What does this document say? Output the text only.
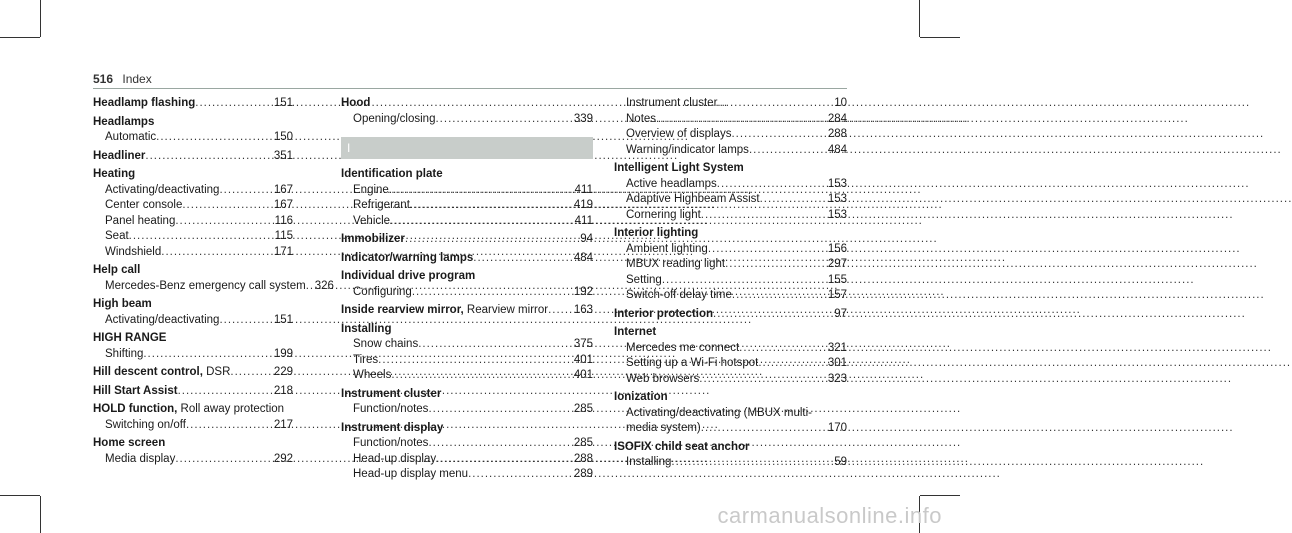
516 Index
Headlamp flashing .....	151
Headlamps
Automatic .....	150
Headliner .....	351
Heating
Activating/deactivating .....	167
Center console .....	167
Panel heating .....	116
Seat .....	115
Windshield .....	171
Help call
Mercedes-Benz emergency call system ..... 326
High beam
Activating/deactivating .....	151
HIGH RANGE
Shifting .....	199
Hill descent control, DSR .....	229
Hill Start Assist .....	218
HOLD function, Roll away protection
Switching on/off .....	217
Home screen
Media display .....	292
Hood
Opening/closing .....	339
I
Identification plate
Engine .....	411
Refrigerant .....	419
Vehicle .....	411
Immobilizer .....	94
Indicator/warning lamps .....	484
Individual drive program
Configuring .....	192
Inside rearview mirror, Rearview mirror ..... 163
Installing
Snow chains .....	375
Tires .....	401
Wheels .....	401
Instrument cluster
Function/notes .....	285
Instrument display
Function/notes .....	285
Head-up display .....	288
Head-up display menu .....	289
Instrument cluster .....	10
Notes .....	284
Overview of displays .....	288
Warning/indicator lamps .....	484
Intelligent Light System
Active headlamps .....	153
Adaptive Highbeam Assist .....	153
Cornering light .....	153
Interior lighting
Ambient lighting .....	156
MBUX reading light .....	297
Setting .....	155
Switch-off delay time .....	157
Interior protection .....	97
Internet
Mercedes me connect .....	321
Setting up a Wi-Fi hotspot .....	301
Web browsers .....	323
Ionization
Activating/deactivating (MBUX multi-
media system) .....	170
ISOFIX child seat anchor
Installing .....	59
carmanualsonline.info
